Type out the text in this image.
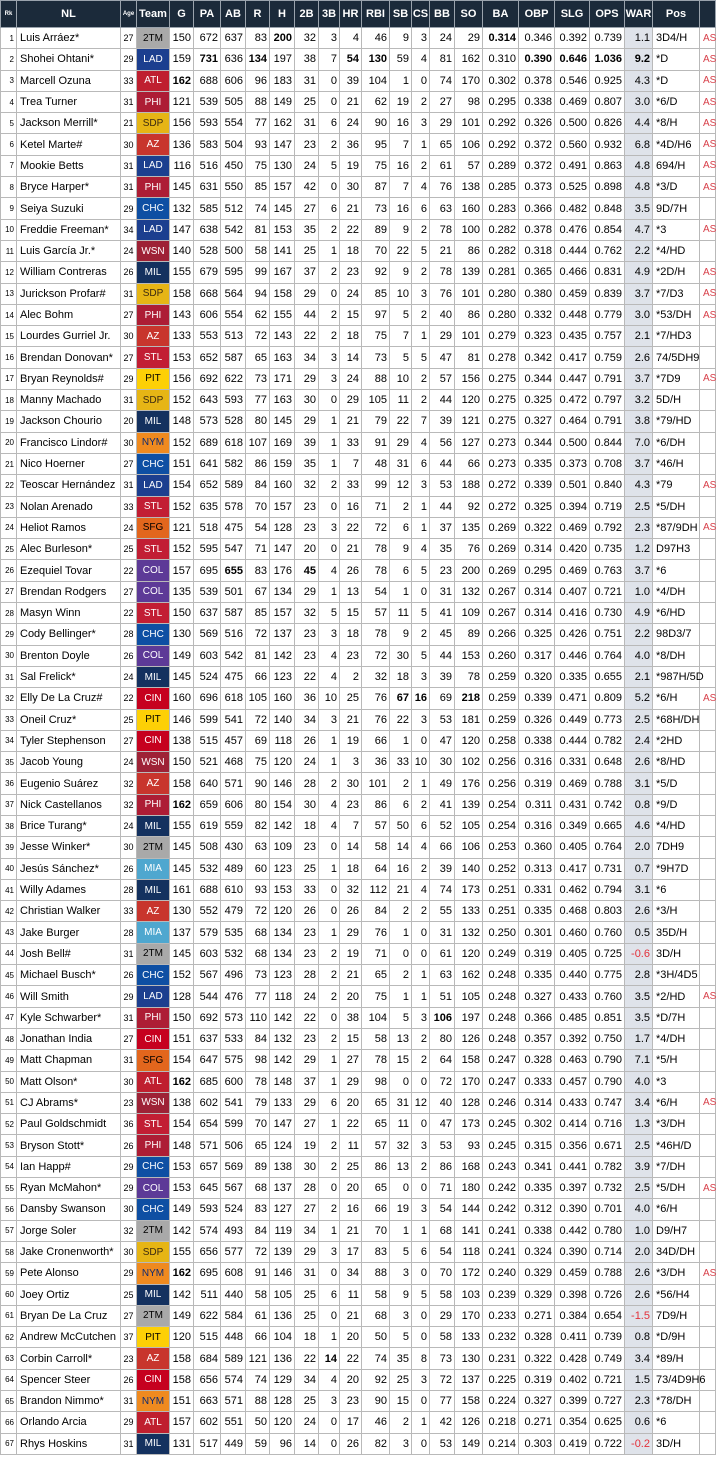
Rk	NL	Age	Team	G	PA	AB	R	H	2B	3B	HR	RBI	SB	CS	BB	SO	BA	OBP	SLG	OPS	WAR	Pos	
1	Luis Arráez*	27	2TM	150	672	637	83	200	32	3	4	46	9	3	24	29	0.314	0.346	0.392	0.739	1.1	3D4/H	AS
2	Shohei Ohtani*	29	LAD	159	731	636	134	197	38	7	54	130	59	4	81	162	0.310	0.390	0.646	1.036	9.2	*D	AS
3	Marcell Ozuna	33	ATL	162	688	606	96	183	31	0	39	104	1	0	74	170	0.302	0.378	0.546	0.925	4.3	*D	AS
4	Trea Turner	31	PHI	121	539	505	88	149	25	0	21	62	19	2	27	98	0.295	0.338	0.469	0.807	3.0	*6/D	AS
5	Jackson Merrill*	21	SDP	156	593	554	77	162	31	6	24	90	16	3	29	101	0.292	0.326	0.500	0.826	4.4	*8/H	AS
6	Ketel Marte#	30	AZ	136	583	504	93	147	23	2	36	95	7	1	65	106	0.292	0.372	0.560	0.932	6.8	*4D/H6	AS
7	Mookie Betts	31	LAD	116	516	450	75	130	24	5	19	75	16	2	61	57	0.289	0.372	0.491	0.863	4.8	694/H	AS
8	Bryce Harper*	31	PHI	145	631	550	85	157	42	0	30	87	7	4	76	138	0.285	0.373	0.525	0.898	4.8	*3/D	AS
9	Seiya Suzuki	29	CHC	132	585	512	74	145	27	6	21	73	16	6	63	160	0.283	0.366	0.482	0.848	3.5	9D/7H	
10	Freddie Freeman*	34	LAD	147	638	542	81	153	35	2	22	89	9	2	78	100	0.282	0.378	0.476	0.854	4.7	*3	AS
11	Luis García Jr.*	24	WSN	140	528	500	58	141	25	1	18	70	22	5	21	86	0.282	0.318	0.444	0.762	2.2	*4/HD	
12	William Contreras	26	MIL	155	679	595	99	167	37	2	23	92	9	2	78	139	0.281	0.365	0.466	0.831	4.9	*2D/H	AS
13	Jurickson Profar#	31	SDP	158	668	564	94	158	29	0	24	85	10	3	76	101	0.280	0.380	0.459	0.839	3.7	*7/D3	AS
14	Alec Bohm	27	PHI	143	606	554	62	155	44	2	15	97	5	2	40	86	0.280	0.332	0.448	0.779	3.0	*53/DH	AS
15	Lourdes Gurriel Jr.	30	AZ	133	553	513	72	143	22	2	18	75	7	1	29	101	0.279	0.323	0.435	0.757	2.1	*7/HD3	
16	Brendan Donovan*	27	STL	153	652	587	65	163	34	3	14	73	5	5	47	81	0.278	0.342	0.417	0.759	2.6	74/5DH9	
17	Bryan Reynolds#	29	PIT	156	692	622	73	171	29	3	24	88	10	2	57	156	0.275	0.344	0.447	0.791	3.7	*7D9	AS
18	Manny Machado	31	SDP	152	643	593	77	163	30	0	29	105	11	2	44	120	0.275	0.325	0.472	0.797	3.2	5D/H	
19	Jackson Chourio	20	MIL	148	573	528	80	145	29	1	21	79	22	7	39	121	0.275	0.327	0.464	0.791	3.8	*79/HD	
20	Francisco Lindor#	30	NYM	152	689	618	107	169	39	1	33	91	29	4	56	127	0.273	0.344	0.500	0.844	7.0	*6/DH	
21	Nico Hoerner	27	CHC	151	641	582	86	159	35	1	7	48	31	6	44	66	0.273	0.335	0.373	0.708	3.7	*46/H	
22	Teoscar Hernández	31	LAD	154	652	589	84	160	32	2	33	99	12	3	53	188	0.272	0.339	0.501	0.840	4.3	*79	AS
23	Nolan Arenado	33	STL	152	635	578	70	157	23	0	16	71	2	1	44	92	0.272	0.325	0.394	0.719	2.5	*5/DH	
24	Heliot Ramos	24	SFG	121	518	475	54	128	23	3	22	72	6	1	37	135	0.269	0.322	0.469	0.792	2.3	*87/9DH	AS
25	Alec Burleson*	25	STL	152	595	547	71	147	20	0	21	78	9	4	35	76	0.269	0.314	0.420	0.735	1.2	D97H3	
26	Ezequiel Tovar	22	COL	157	695	655	83	176	45	4	26	78	6	5	23	200	0.269	0.295	0.469	0.763	3.7	*6	
27	Brendan Rodgers	27	COL	135	539	501	67	134	29	1	13	54	1	0	31	132	0.267	0.314	0.407	0.721	1.0	*4/DH	
28	Masyn Winn	22	STL	150	637	587	85	157	32	5	15	57	11	5	41	109	0.267	0.314	0.416	0.730	4.9	*6/HD	
29	Cody Bellinger*	28	CHC	130	569	516	72	137	23	3	18	78	9	2	45	89	0.266	0.325	0.426	0.751	2.2	98D3/7	
30	Brenton Doyle	26	COL	149	603	542	81	142	23	4	23	72	30	5	44	153	0.260	0.317	0.446	0.764	4.0	*8/DH	
31	Sal Frelick*	24	MIL	145	524	475	66	123	22	4	2	32	18	3	39	78	0.259	0.320	0.335	0.655	2.1	*987H/5D	
32	Elly De La Cruz#	22	CIN	160	696	618	105	160	36	10	25	76	67	16	69	218	0.259	0.339	0.471	0.809	5.2	*6/H	AS
33	Oneil Cruz*	25	PIT	146	599	541	72	140	34	3	21	76	22	3	53	181	0.259	0.326	0.449	0.773	2.5	*68H/DH	
34	Tyler Stephenson	27	CIN	138	515	457	69	118	26	1	19	66	1	0	47	120	0.258	0.338	0.444	0.782	2.4	*2HD	
35	Jacob Young	24	WSN	150	521	468	75	120	24	1	3	36	33	10	30	102	0.256	0.316	0.331	0.648	2.6	*8/HD	
36	Eugenio Suárez	32	AZ	158	640	571	90	146	28	2	30	101	2	1	49	176	0.256	0.319	0.469	0.788	3.1	*5/D	
37	Nick Castellanos	32	PHI	162	659	606	80	154	30	4	23	86	6	2	41	139	0.254	0.311	0.431	0.742	0.8	*9/D	
38	Brice Turang*	24	MIL	155	619	559	82	142	18	4	7	57	50	6	52	105	0.254	0.316	0.349	0.665	4.6	*4/HD	
39	Jesse Winker*	30	2TM	145	508	430	63	109	23	0	14	58	14	4	66	106	0.253	0.360	0.405	0.764	2.0	7DH9	
40	Jesús Sánchez*	26	MIA	145	532	489	60	123	25	1	18	64	16	2	39	140	0.252	0.313	0.417	0.731	0.7	*9H7D	
41	Willy Adames	28	MIL	161	688	610	93	153	33	0	32	112	21	4	74	173	0.251	0.331	0.462	0.794	3.1	*6	
42	Christian Walker	33	AZ	130	552	479	72	120	26	0	26	84	2	2	55	133	0.251	0.335	0.468	0.803	2.6	*3/H	
43	Jake Burger	28	MIA	137	579	535	68	134	23	1	29	76	1	0	31	132	0.250	0.301	0.460	0.760	0.5	35D/H	
44	Josh Bell#	31	2TM	145	603	532	68	134	23	2	19	71	0	0	61	120	0.249	0.319	0.405	0.725	-0.6	3D/H	
45	Michael Busch*	26	CHC	152	567	496	73	123	28	2	21	65	2	1	63	162	0.248	0.335	0.440	0.775	2.8	*3H/4D5	
46	Will Smith	29	LAD	128	544	476	77	118	24	2	20	75	1	1	51	105	0.248	0.327	0.433	0.760	3.5	*2/HD	AS
47	Kyle Schwarber*	31	PHI	150	692	573	110	142	22	0	38	104	5	3	106	197	0.248	0.366	0.485	0.851	3.5	*D/7H	
48	Jonathan India	27	CIN	151	637	533	84	132	23	2	15	58	13	2	80	126	0.248	0.357	0.392	0.750	1.7	*4/DH	
49	Matt Chapman	31	SFG	154	647	575	98	142	29	1	27	78	15	2	64	158	0.247	0.328	0.463	0.790	7.1	*5/H	
50	Matt Olson*	30	ATL	162	685	600	78	148	37	1	29	98	0	0	72	170	0.247	0.333	0.457	0.790	4.0	*3	
51	CJ Abrams*	23	WSN	138	602	541	79	133	29	6	20	65	31	12	40	128	0.246	0.314	0.433	0.747	3.4	*6/H	AS
52	Paul Goldschmidt	36	STL	154	654	599	70	147	27	1	22	65	11	0	47	173	0.245	0.302	0.414	0.716	1.3	*3/DH	
53	Bryson Stott*	26	PHI	148	571	506	65	124	19	2	11	57	32	3	53	93	0.245	0.315	0.356	0.671	2.5	*46H/D	
54	Ian Happ#	29	CHC	153	657	569	89	138	30	2	25	86	13	2	86	168	0.243	0.341	0.441	0.782	3.9	*7/DH	
55	Ryan McMahon*	29	COL	153	645	567	68	137	28	0	20	65	0	0	71	180	0.242	0.335	0.397	0.732	2.5	*5/DH	AS
56	Dansby Swanson	30	CHC	149	593	524	83	127	27	2	16	66	19	3	54	144	0.242	0.312	0.390	0.701	4.0	*6/H	
57	Jorge Soler	32	2TM	142	574	493	84	119	34	1	21	70	1	1	68	141	0.241	0.338	0.442	0.780	1.0	D9/H7	
58	Jake Cronenworth*	30	SDP	155	656	577	72	139	29	3	17	83	5	6	54	118	0.241	0.324	0.390	0.714	2.0	34D/DH	
59	Pete Alonso	29	NYM	162	695	608	91	146	31	0	34	88	3	0	70	172	0.240	0.329	0.459	0.788	2.6	*3/DH	AS
60	Joey Ortiz	25	MIL	142	511	440	58	105	25	6	11	58	9	5	58	103	0.239	0.329	0.398	0.726	2.6	*56/H4	
61	Bryan De La Cruz	27	2TM	149	622	584	61	136	25	0	21	68	3	0	29	170	0.233	0.271	0.384	0.654	-1.5	7D9/H	
62	Andrew McCutchen	37	PIT	120	515	448	66	104	18	1	20	50	5	0	58	133	0.232	0.328	0.411	0.739	0.8	*D/9H	
63	Corbin Carroll*	23	AZ	158	684	589	121	136	22	14	22	74	35	8	73	130	0.231	0.322	0.428	0.749	3.4	*89/H	
64	Spencer Steer	26	CIN	158	656	574	74	129	34	4	20	92	25	3	72	137	0.225	0.319	0.402	0.721	1.5	73/4D9H6	
65	Brandon Nimmo*	31	NYM	151	663	571	88	128	25	3	23	90	15	0	77	158	0.224	0.327	0.399	0.727	2.3	*78/DH	
66	Orlando Arcia	29	ATL	157	602	551	50	120	24	0	17	46	2	1	42	126	0.218	0.271	0.354	0.625	0.6	*6	
67	Rhys Hoskins	31	MIL	131	517	449	59	96	14	0	26	82	3	0	53	149	0.214	0.303	0.419	0.722	-0.2	3D/H	
